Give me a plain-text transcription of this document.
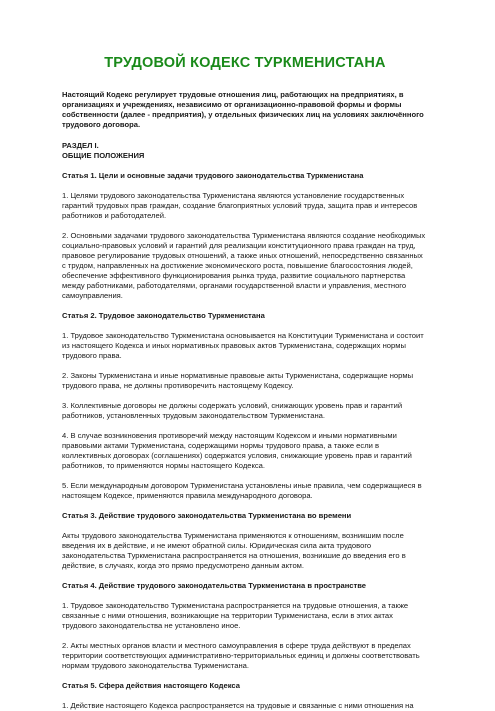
ТРУДОВОЙ КОДЕКС ТУРКМЕНИСТАНА

Настоящий Кодекс регулирует трудовые отношения лиц, работающих на предприятиях, в организациях и учреждениях, независимо от организационно-правовой формы и формы собственности (далее - предприятия), у отдельных физических лиц на условиях заключённого трудового договора.

РАЗДЕЛ I.
ОБЩИЕ ПОЛОЖЕНИЯ
Статья 1. Цели и основные задачи трудового законодательства Туркменистана

1. Целями трудового законодательства Туркменистана являются установление государственных гарантий трудовых прав граждан, создание благоприятных условий труда, защита прав и интересов работников и работодателей.

2. Основными задачами трудового законодательства Туркменистана являются создание необходимых социально-правовых условий и гарантий для реализации конституционного права граждан на труд, правовое регулирование трудовых отношений, а также иных отношений, непосредственно связанных с трудом, направленных на достижение экономического роста, повышение благосостояния людей, обеспечение эффективного функционирования рынка труда, развитие социального партнерства между работниками, работодателями, органами государственной власти и управления, местного самоуправления.

Статья 2. Трудовое законодательство Туркменистана

1. Трудовое законодательство Туркменистана основывается на Конституции Туркменистана и состоит из настоящего Кодекса и иных нормативных правовых актов Туркменистана, содержащих нормы трудового права.

2. Законы Туркменистана и иные нормативные правовые акты Туркменистана, содержащие нормы трудового права, не должны противоречить настоящему Кодексу.

3. Коллективные договоры не должны содержать условий, снижающих уровень прав и гарантий работников, установленных трудовым законодательством Туркменистана.

4. В случае возникновения противоречий между настоящим Кодексом и иными нормативными правовыми актами Туркменистана, содержащими нормы трудового права, а также если в коллективных договорах (соглашениях) содержатся условия, снижающие уровень прав и гарантий работников, то применяются нормы настоящего Кодекса.

5. Если международным договором Туркменистана установлены иные правила, чем содержащиеся в настоящем Кодексе, применяются правила международного договора.

Статья 3. Действие трудового законодательства Туркменистана во времени

Акты трудового законодательства Туркменистана применяются к отношениям, возникшим после введения их в действие, и не имеют обратной силы. Юридическая сила акта трудового законодательства Туркменистана распространяется на отношения, возникшие до введения его в действие, в случаях, когда это прямо предусмотрено данным актом.

Статья 4. Действие трудового законодательства Туркменистана в пространстве

1. Трудовое законодательство Туркменистана распространяется на трудовые отношения, а также связанные с ними отношения, возникающие на территории Туркменистана, если в этих актах трудового законодательства не установлено иное.

2. Акты местных органов власти и местного самоуправления в сфере труда действуют в пределах территории соответствующих административно-территориальных единиц и должны соответствовать нормам трудового законодательства Туркменистана.

Статья 5. Сфера действия настоящего Кодекса

1. Действие настоящего Кодекса распространяется на трудовые и связанные с ними отношения на
